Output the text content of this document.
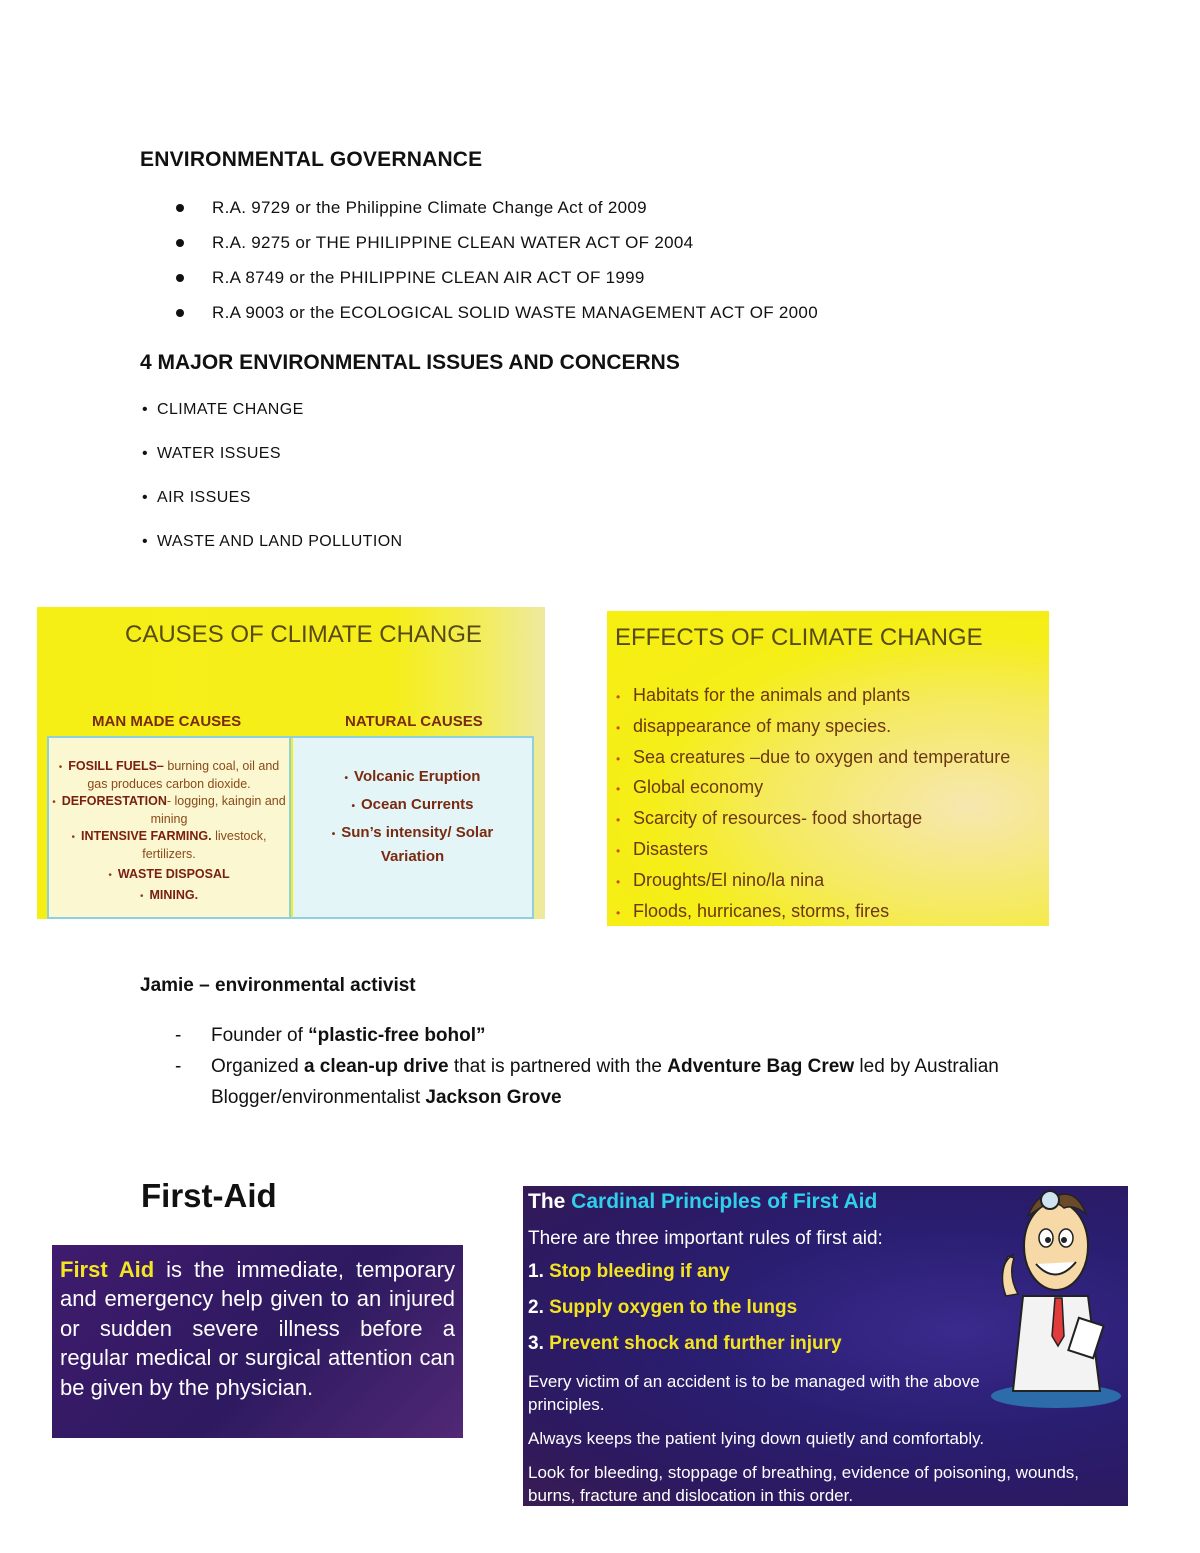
ENVIRONMENTAL GOVERNANCE
R.A. 9729 or the Philippine Climate Change Act of 2009
R.A. 9275 or THE PHILIPPINE CLEAN WATER ACT OF 2004
R.A 8749 or the PHILIPPINE CLEAN AIR ACT OF 1999
R.A 9003 or the ECOLOGICAL SOLID WASTE MANAGEMENT ACT OF 2000
4 MAJOR ENVIRONMENTAL ISSUES AND CONCERNS
• CLIMATE CHANGE
• WATER ISSUES
• AIR ISSUES
• WASTE AND LAND POLLUTION
CAUSES OF CLIMATE CHANGE
MAN MADE CAUSES	NATURAL CAUSES
• FOSILL FUELS– burning coal, oil and gas produces carbon dioxide.
• DEFORESTATION- logging, kaingin and mining
• INTENSIVE FARMING. livestock, fertilizers.
• WASTE DISPOSAL
• MINING.
• Volcanic Eruption
• Ocean Currents
• Sun’s intensity/ Solar Variation
EFFECTS OF CLIMATE CHANGE
• Habitats for the animals and plants
• disappearance of many species.
• Sea creatures –due to oxygen and temperature
• Global economy
• Scarcity of resources- food shortage
• Disasters
• Droughts/El nino/la nina
• Floods, hurricanes, storms, fires
Jamie – environmental activist
- Founder of “plastic-free bohol”
- Organized a clean-up drive that is partnered with the Adventure Bag Crew led by Australian Blogger/environmentalist Jackson Grove
First-Aid

First Aid is the immediate, temporary and emergency help given to an injured or sudden severe illness before a regular medical or surgical attention can be given by the physician.

The Cardinal Principles of First Aid
There are three important rules of first aid:
1. Stop bleeding if any
2. Supply oxygen to the lungs
3. Prevent shock and further injury
Every victim of an accident is to be managed with the above principles.
Always keeps the patient lying down quietly and comfortably.
Look for bleeding, stoppage of breathing, evidence of poisoning, wounds, burns, fracture and dislocation in this order.
